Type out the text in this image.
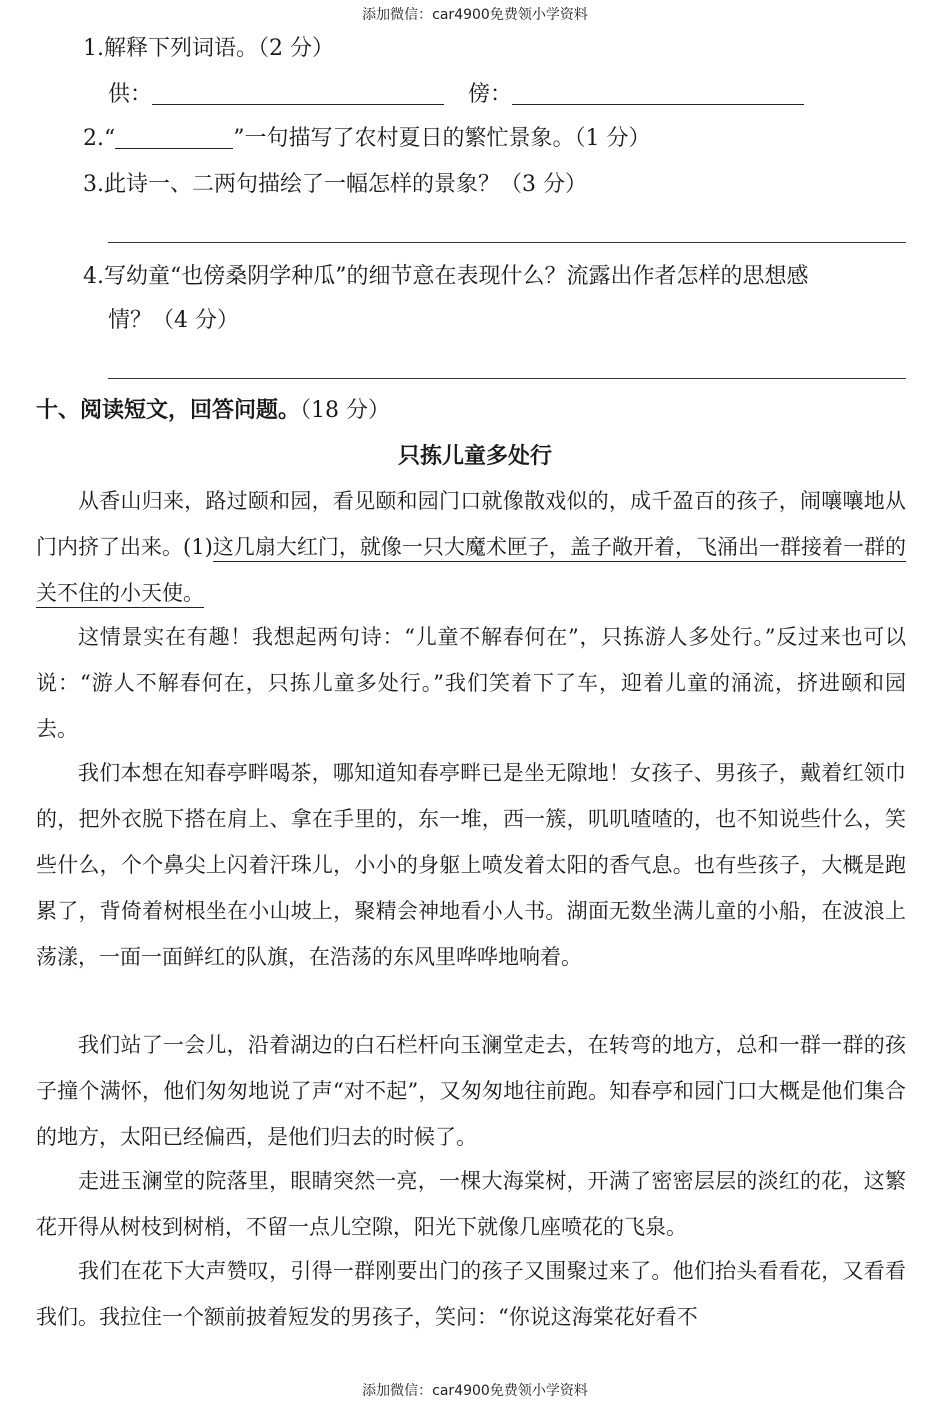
添加微信：car4900免费领小学资料
1.解释下列词语。（2 分）
供：	傍：
2.“	”一句描写了农村夏日的繁忙景象。（1 分）
3.此诗一、二两句描绘了一幅怎样的景象？（3 分）
4.写幼童“也傍桑阴学种瓜”的细节意在表现什么？流露出作者怎样的思想感
情？（4 分）
十、阅读短文，回答问题。（18 分）
只拣儿童多处行
从香山归来，路过颐和园，看见颐和园门口就像散戏似的，成千盈百的孩子，闹嚷嚷地从门内挤了出来。(1)这几扇大红门，就像一只大魔术匣子，盖子敞开着，飞涌出一群接着一群的关不住的小天使。
这情景实在有趣！我想起两句诗：“儿童不解春何在”，只拣游人多处行。”反过来也可以说：“游人不解春何在，只拣儿童多处行。”我们笑着下了车，迎着儿童的涌流，挤进颐和园去。
我们本想在知春亭畔喝茶，哪知道知春亭畔已是坐无隙地！女孩子、男孩子，戴着红领巾的，把外衣脱下搭在肩上、拿在手里的，东一堆，西一簇，叽叽喳喳的，也不知说些什么，笑些什么，个个鼻尖上闪着汗珠儿，小小的身躯上喷发着太阳的香气息。也有些孩子，大概是跑累了，背倚着树根坐在小山坡上，聚精会神地看小人书。湖面无数坐满儿童的小船，在波浪上荡漾，一面一面鲜红的队旗，在浩荡的东风里哗哗地响着。
我们站了一会儿，沿着湖边的白石栏杆向玉澜堂走去，在转弯的地方，总和一群一群的孩子撞个满怀，他们匆匆地说了声“对不起”，又匆匆地往前跑。知春亭和园门口大概是他们集合的地方，太阳已经偏西，是他们归去的时候了。
走进玉澜堂的院落里，眼睛突然一亮，一棵大海棠树，开满了密密层层的淡红的花，这繁花开得从树枝到树梢，不留一点儿空隙，阳光下就像几座喷花的飞泉。
我们在花下大声赞叹，引得一群刚要出门的孩子又围聚过来了。他们抬头看看花，又看看我们。我拉住一个额前披着短发的男孩子，笑问：“你说这海棠花好看不
添加微信：car4900免费领小学资料
